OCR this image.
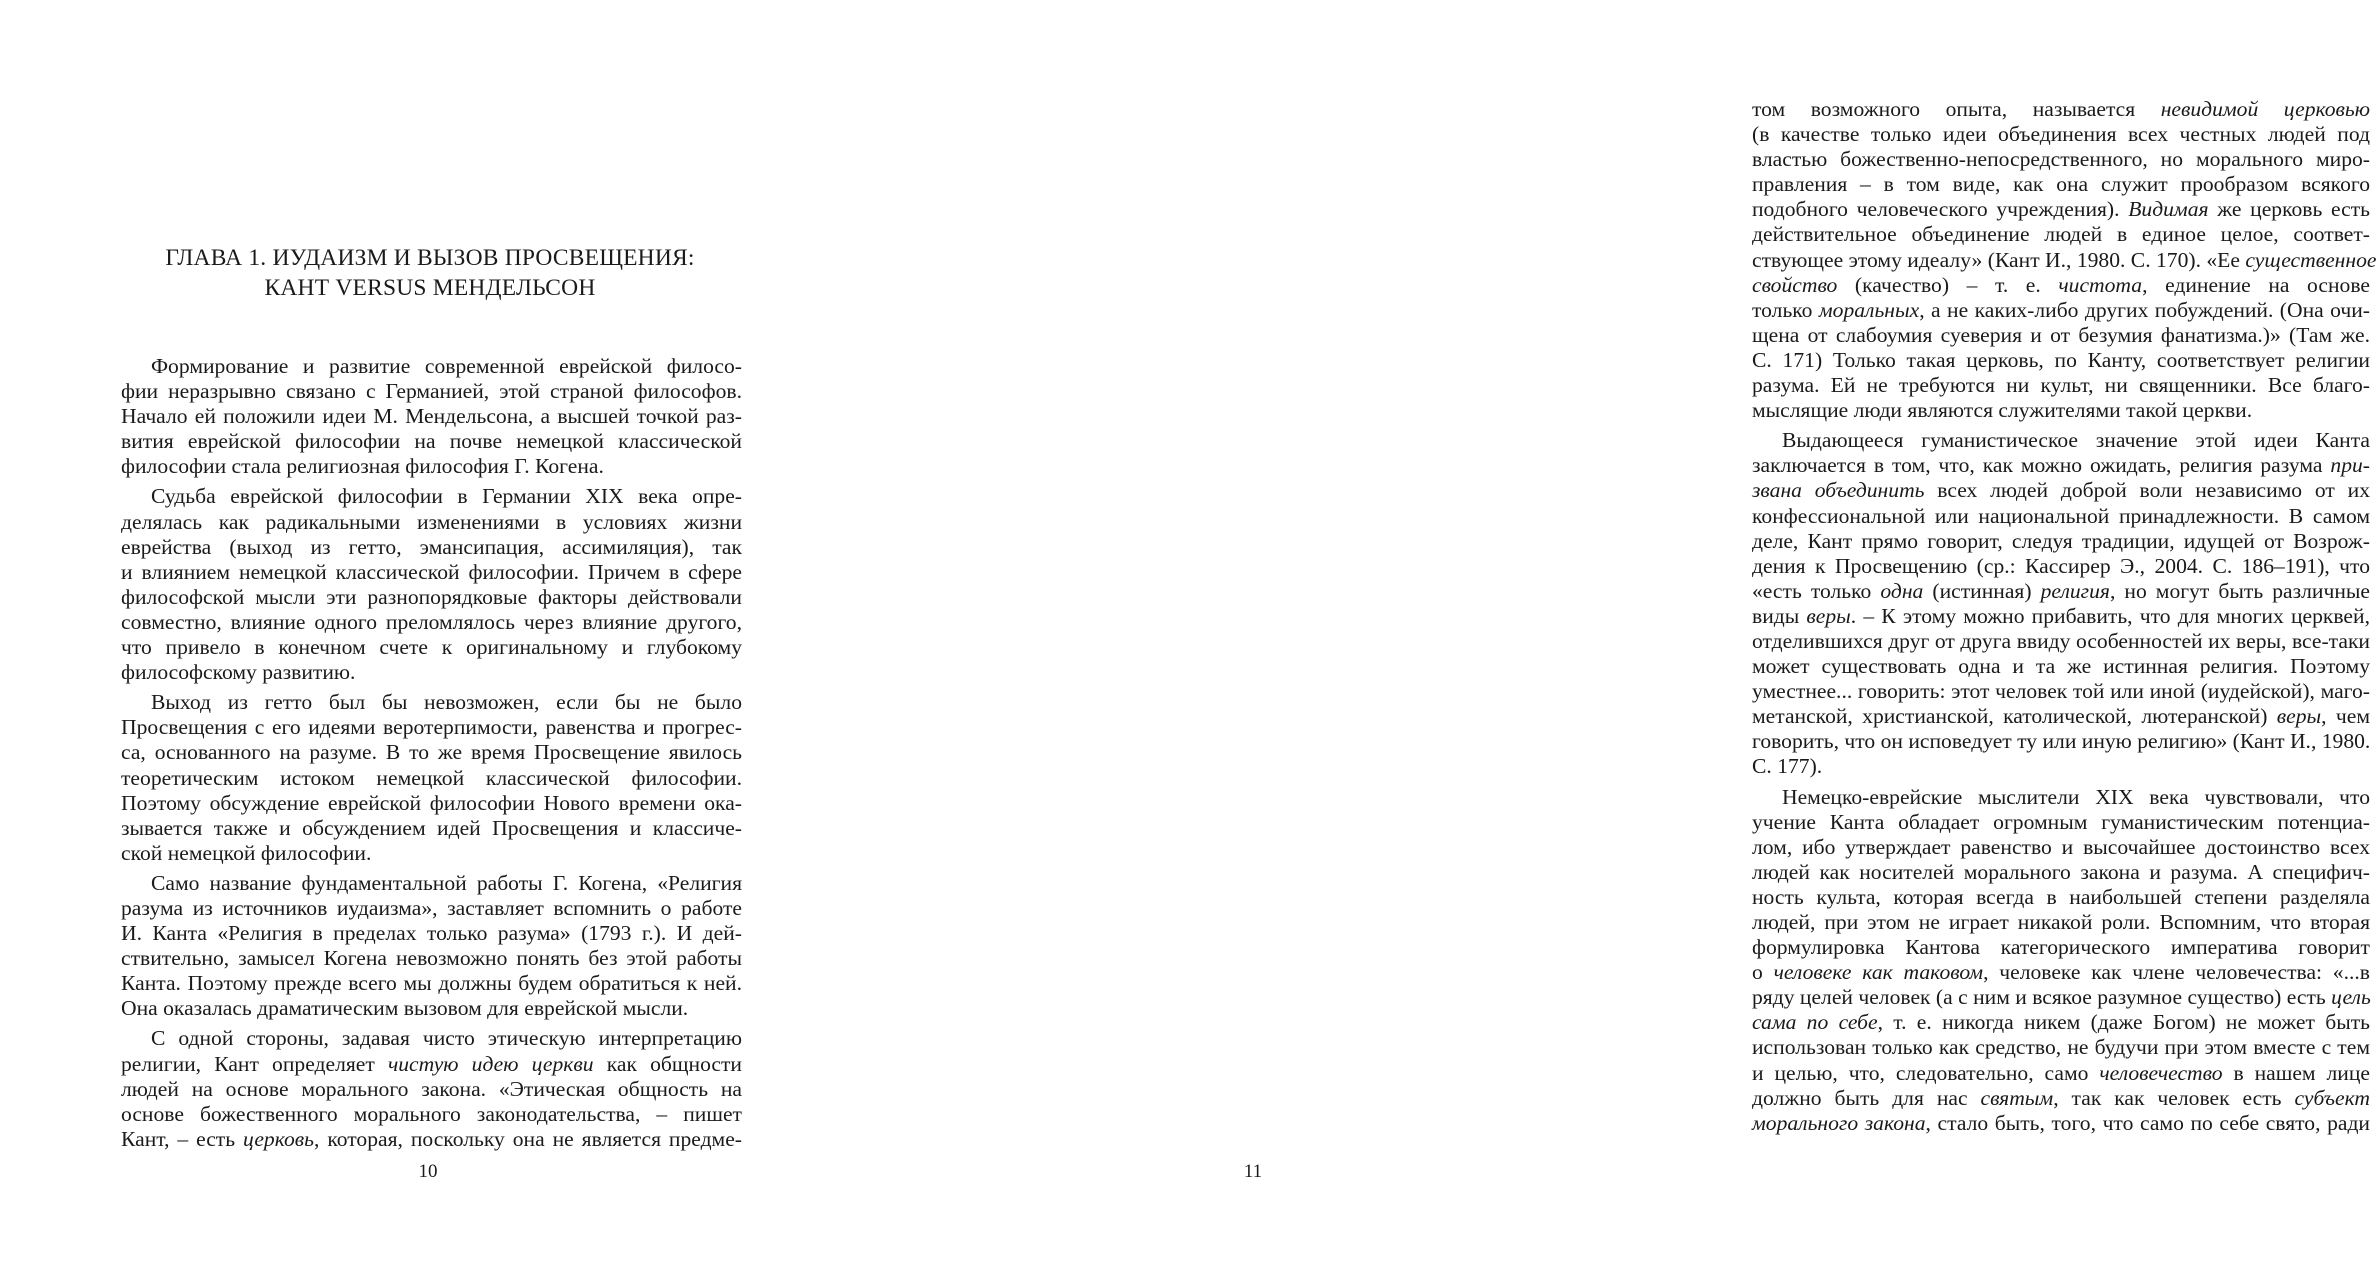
ГЛАВА 1. ИУДАИЗМ И ВЫЗОВ ПРОСВЕЩЕНИЯ:
КАНТ VERSUS МЕНДЕЛЬСОН
Формирование и развитие современной еврейской филосо-
фии неразрывно связано с Германией, этой страной философов.
Начало ей положили идеи М. Мендельсона, а высшей точкой раз-
вития еврейской философии на почве немецкой классической
философии стала религиозная философия Г. Когена.
Судьба еврейской философии в Германии XIX века опре-
делялась как радикальными изменениями в условиях жизни
еврейства (выход из гетто, эмансипация, ассимиляция), так
и влиянием немецкой классической философии. Причем в сфере
философской мысли эти разнопорядковые факторы действовали
совместно, влияние одного преломлялось через влияние другого,
что привело в конечном счете к оригинальному и глубокому
философскому развитию.
Выход из гетто был бы невозможен, если бы не было
Просвещения с его идеями веротерпимости, равенства и прогрес-
са, основанного на разуме. В то же время Просвещение явилось
теоретическим истоком немецкой классической философии.
Поэтому обсуждение еврейской философии Нового времени ока-
зывается также и обсуждением идей Просвещения и классиче-
ской немецкой философии.
Само название фундаментальной работы Г. Когена, «Религия
разума из источников иудаизма», заставляет вспомнить о работе
И. Канта «Религия в пределах только разума» (1793 г.). И дей-
ствительно, замысел Когена невозможно понять без этой работы
Канта. Поэтому прежде всего мы должны будем обратиться к ней.
Она оказалась драматическим вызовом для еврейской мысли.
С одной стороны, задавая чисто этическую интерпретацию
религии, Кант определяет чистую идею церкви как общности
людей на основе морального закона. «Этическая общность на
основе божественного морального законодательства, – пишет
Кант, – есть церковь, которая, поскольку она не является предме-
10
том возможного опыта, называется невидимой церковью
(в качестве только идеи объединения всех честных людей под
властью божественно-непосредственного, но морального миро-
правления – в том виде, как она служит прообразом всякого
подобного человеческого учреждения). Видимая же церковь есть
действительное объединение людей в единое целое, соответ-
ствующее этому идеалу» (Кант И., 1980. С. 170). «Ее существенное
свойство (качество) – т. е. чистота, единение на основе
только моральных, а не каких-либо других побуждений. (Она очи-
щена от слабоумия суеверия и от безумия фанатизма.)» (Там же.
С. 171) Только такая церковь, по Канту, соответствует религии
разума. Ей не требуются ни культ, ни священники. Все благо-
мыслящие люди являются служителями такой церкви.
Выдающееся гуманистическое значение этой идеи Канта
заключается в том, что, как можно ожидать, религия разума при-
звана объединить всех людей доброй воли независимо от их
конфессиональной или национальной принадлежности. В самом
деле, Кант прямо говорит, следуя традиции, идущей от Возрож-
дения к Просвещению (ср.: Кассирер Э., 2004. С. 186–191), что
«есть только одна (истинная) религия, но могут быть различные
виды веры. – К этому можно прибавить, что для многих церквей,
отделившихся друг от друга ввиду особенностей их веры, все-таки
может существовать одна и та же истинная религия. Поэтому
уместнее... говорить: этот человек той или иной (иудейской), маго-
метанской, христианской, католической, лютеранской) веры, чем
говорить, что он исповедует ту или иную религию» (Кант И., 1980.
С. 177).
Немецко-еврейские мыслители XIX века чувствовали, что
учение Канта обладает огромным гуманистическим потенциа-
лом, ибо утверждает равенство и высочайшее достоинство всех
людей как носителей морального закона и разума. А специфич-
ность культа, которая всегда в наибольшей степени разделяла
людей, при этом не играет никакой роли. Вспомним, что вторая
формулировка Кантова категорического императива говорит
о человеке как таковом, человеке как члене человечества: «...в
ряду целей человек (а с ним и всякое разумное существо) есть цель
сама по себе, т. е. никогда никем (даже Богом) не может быть
использован только как средство, не будучи при этом вместе с тем
и целью, что, следовательно, само человечество в нашем лице
должно быть для нас святым, так как человек есть субъект
морального закона, стало быть, того, что само по себе свято, ради
11
